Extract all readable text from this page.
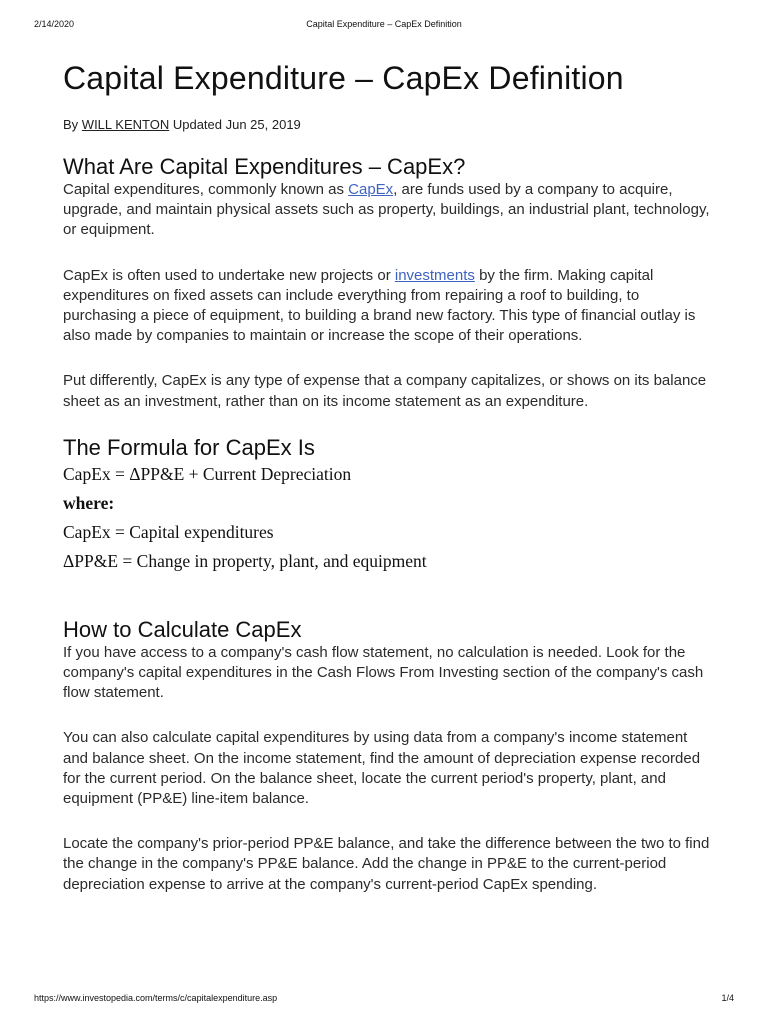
2/14/2020	Capital Expenditure – CapEx Definition
Capital Expenditure – CapEx Definition
By WILL KENTON Updated Jun 25, 2019
What Are Capital Expenditures – CapEx?

Capital expenditures, commonly known as CapEx, are funds used by a company to acquire, upgrade, and maintain physical assets such as property, buildings, an industrial plant, technology, or equipment.

CapEx is often used to undertake new projects or investments by the firm. Making capital expenditures on fixed assets can include everything from repairing a roof to building, to purchasing a piece of equipment, to building a brand new factory. This type of financial outlay is also made by companies to maintain or increase the scope of their operations.

Put differently, CapEx is any type of expense that a company capitalizes, or shows on its balance sheet as an investment, rather than on its income statement as an expenditure.

The Formula for CapEx Is
CapEx = ΔPP&E + Current Depreciation
where:
CapEx = Capital expenditures
ΔPP&E = Change in property, plant, and equipment
How to Calculate CapEx

If you have access to a company's cash flow statement, no calculation is needed. Look for the company's capital expenditures in the Cash Flows From Investing section of the company's cash flow statement.

You can also calculate capital expenditures by using data from a company's income statement and balance sheet. On the income statement, find the amount of depreciation expense recorded for the current period. On the balance sheet, locate the current period's property, plant, and equipment (PP&E) line-item balance.

Locate the company's prior-period PP&E balance, and take the difference between the two to find the change in the company's PP&E balance. Add the change in PP&E to the current-period depreciation expense to arrive at the company's current-period CapEx spending.

https://www.investopedia.com/terms/c/capitalexpenditure.asp	1/4
